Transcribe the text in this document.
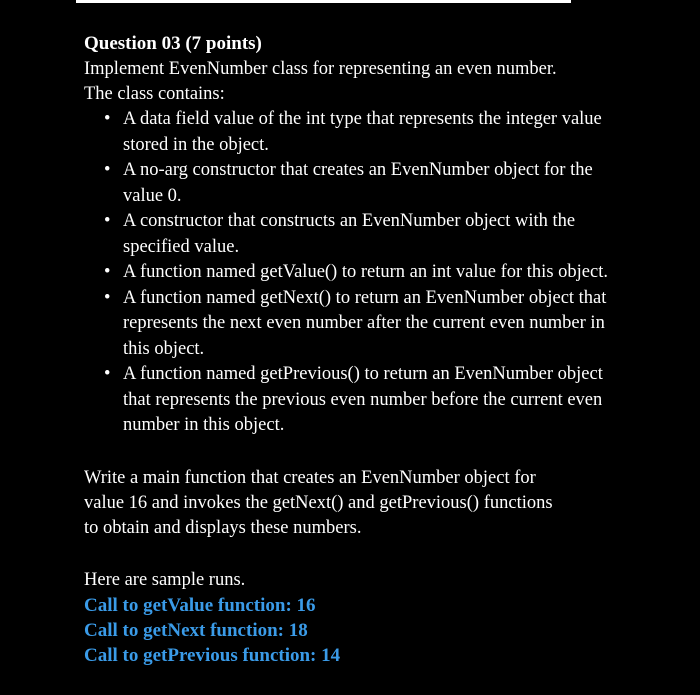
Question 03 (7 points)

Implement EvenNumber class for representing an even number.

The class contains:

• A data field value of the int type that represents the integer value stored in the object.
• A no-arg constructor that creates an EvenNumber object for the value 0.
• A constructor that constructs an EvenNumber object with the specified value.
• A function named getValue() to return an int value for this object.
• A function named getNext() to return an EvenNumber object that represents the next even number after the current even number in this object.
• A function named getPrevious() to return an EvenNumber object that represents the previous even number before the current even number in this object.

Write a main function that creates an EvenNumber object for

value 16 and invokes the getNext() and getPrevious() functions

to obtain and displays these numbers.

Here are sample runs.

Call to getValue function: 16
Call to getNext function: 18
Call to getPrevious function: 14
